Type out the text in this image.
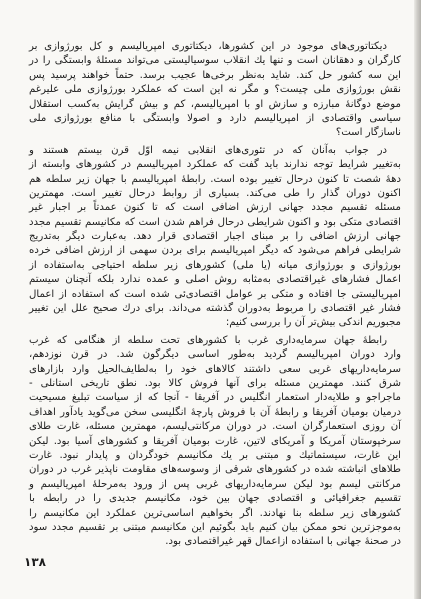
دیکتاتوری‌های موجود در این کشورها، دیکتاتوری امپریالیسم و کل بورژوازی بر
کارگران و دهقانان است و تنها یك انقلاب سوسیالیستی می‌تواند مسئلهٔ وابستگی را در
این سه کشور حل کند. شاید به‌نظر برخی‌ها عجیب برسد. حتماً خواهند پرسید پس
نقش بورژوازی ملی چیست؟ و مگر نه این است که عملکرد بورژوازی ملی علیرغم
موضع دوگانهٔ مبارزه و سازش او با امپریالیسم، کم و بیش گرایش به‌کسب استقلال
سیاسی واقتصادی از امپریالیسم دارد و اصولا وابستگی با منافع بورژوازی ملی
ناسازگار است؟
در جواب به‌آنان که در تئوری‌های انقلابی نیمه اوّل قرن بیستم هستند و
به‌تغییر شرایط توجه ندارند باید گفت که عملکرد امپریالیسم در کشورهای وابسته از
دههٔ شصت تا کنون درحال تغییر بوده است. رابطهٔ امپریالیسم با جهان زیر سلطه هم
اکنون دوران گذار را طی می‌کند. بسیاری از روابط درحال تغییر است. مهمترین
مسئله تقسیم مجدد جهانی ارزش اضافی است که تا کنون عمدتاً بر اجبار غیر
اقتصادی متکی بود و اکنون شرایطی درحال فراهم شدن است که مکانیسم تقسیم مجدد
جهانی ارزش اضافی را بر مبنای اجبار اقتصادی قرار دهد. به‌عبارت دیگر به‌تدریج
شرایطی فراهم می‌شود که دیگر امپریالیسم برای بردن سهمی از ارزش اضافی خرده
بورژوازی و بورژوازی میانه (یا ملی) کشورهای زیر سلطه احتیاجی به‌استفاده از
اعمال فشارهای غیراقتصادی به‌مثابه روش اصلی و عمده ندارد بلکه آنچنان سیستم
امپریالیستی جا افتاده و متکی بر عوامل اقتصادی‌ئی شده است که استفاده از اعمال
فشار غیر اقتصادی را مربوط به‌دوران گذشته می‌داند. برای درك صحیح علل این تغییر
مجبوریم اندکی بیش‌تر آن را بررسی کنیم:
رابطهٔ جهان سرمایه‌داری غرب با کشورهای تحت سلطه از هنگامی که غرب
وارد دوران امپریالیسم گردید به‌طور اساسی دیگرگون شد. در قرن نوزدهم،
سرمایه‌داریهای غربی سعی داشتند کالاهای خود را به‌لطایف‌الحیل وارد بازارهای
شرق کنند. مهمترین مسئله برای آنها فروش کالا بود. نطق تاریخی استانلی -
ماجراجو و طلایه‌دار استعمار انگلیس در آفریقا - آنجا که از سیاست تبلیغ مسیحیت
درمیان بومیان آفریقا و رابطهٔ آن با فروش پارچهٔ انگلیسی سخن می‌گوید یادآور اهداف
آن روزی استعمارگران است. در دوران مرکانتی‌لیسم، مهمترین مسئله، غارت طلای
سرخپوستان آمریکا و آمریکای لاتین، غارت بومیان آفریقا و کشورهای آسیا بود. لیکن
این غارت، سیستماتیك و مبتنی بر یك مکانیسم خودگردان و پایدار نبود. غارت
طلاهای انباشته شده در کشورهای شرقی از وسوسه‌های مقاومت ناپذیر غرب در دوران
مرکانتی لیسم بود لیکن سرمایه‌داریهای غربی پس از ورود به‌مرحلهٔ امپریالیسم و
تقسیم جغرافیائی و اقتصادی جهان بین خود، مکانیسم جدیدی را در رابطه با
کشورهای زیر سلطه بنا نهادند. اگر بخواهیم اساسی‌ترین عملکرد این مکانیسم را
به‌موجزترین نحو ممکن بیان کنیم باید بگوئیم این مکانیسم مبتنی بر تقسیم مجدد سود
در صحنهٔ جهانی با استفاده ازاعمال قهر غیراقتصادی بود.
۱۳۸
